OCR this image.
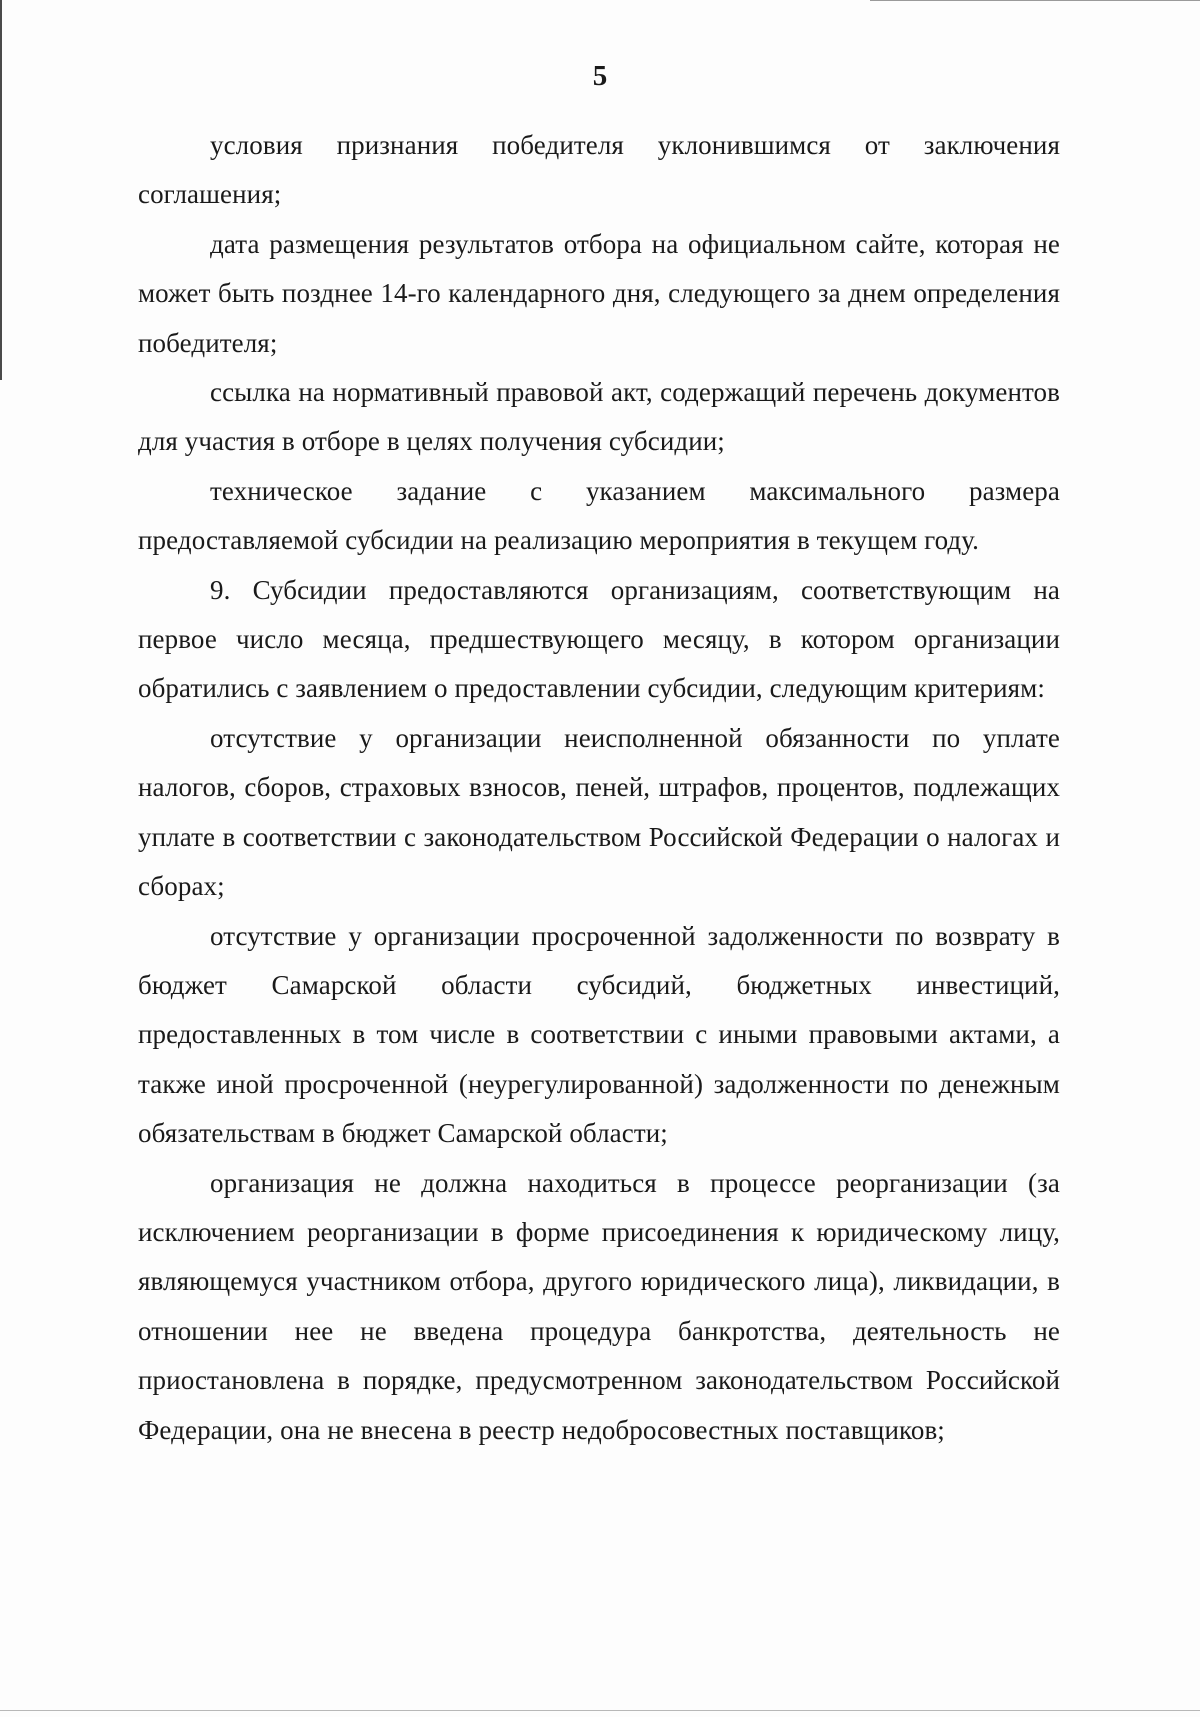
5

условия признания победителя уклонившимся от заключения соглашения;

дата размещения результатов отбора на официальном сайте, которая не может быть позднее 14-го календарного дня, следующего за днем определения победителя;

ссылка на нормативный правовой акт, содержащий перечень документов для участия в отборе в целях получения субсидии;

техническое задание с указанием максимального размера предоставляемой субсидии на реализацию мероприятия в текущем году.

9. Субсидии предоставляются организациям, соответствующим на первое число месяца, предшествующего месяцу, в котором организации обратились с заявлением о предоставлении субсидии, следующим критериям:

отсутствие у организации неисполненной обязанности по уплате налогов, сборов, страховых взносов, пеней, штрафов, процентов, подлежащих уплате в соответствии с законодательством Российской Федерации о налогах и сборах;

отсутствие у организации просроченной задолженности по возврату в бюджет Самарской области субсидий, бюджетных инвестиций, предоставленных в том числе в соответствии с иными правовыми актами, а также иной просроченной (неурегулированной) задолженности по денежным обязательствам в бюджет Самарской области;

организация не должна находиться в процессе реорганизации (за исключением реорганизации в форме присоединения к юридическому лицу, являющемуся участником отбора, другого юридического лица), ликвидации, в отношении нее не введена процедура банкротства, деятельность не приостановлена в порядке, предусмотренном законодательством Российской Федерации, она не внесена в реестр недобросовестных поставщиков;
